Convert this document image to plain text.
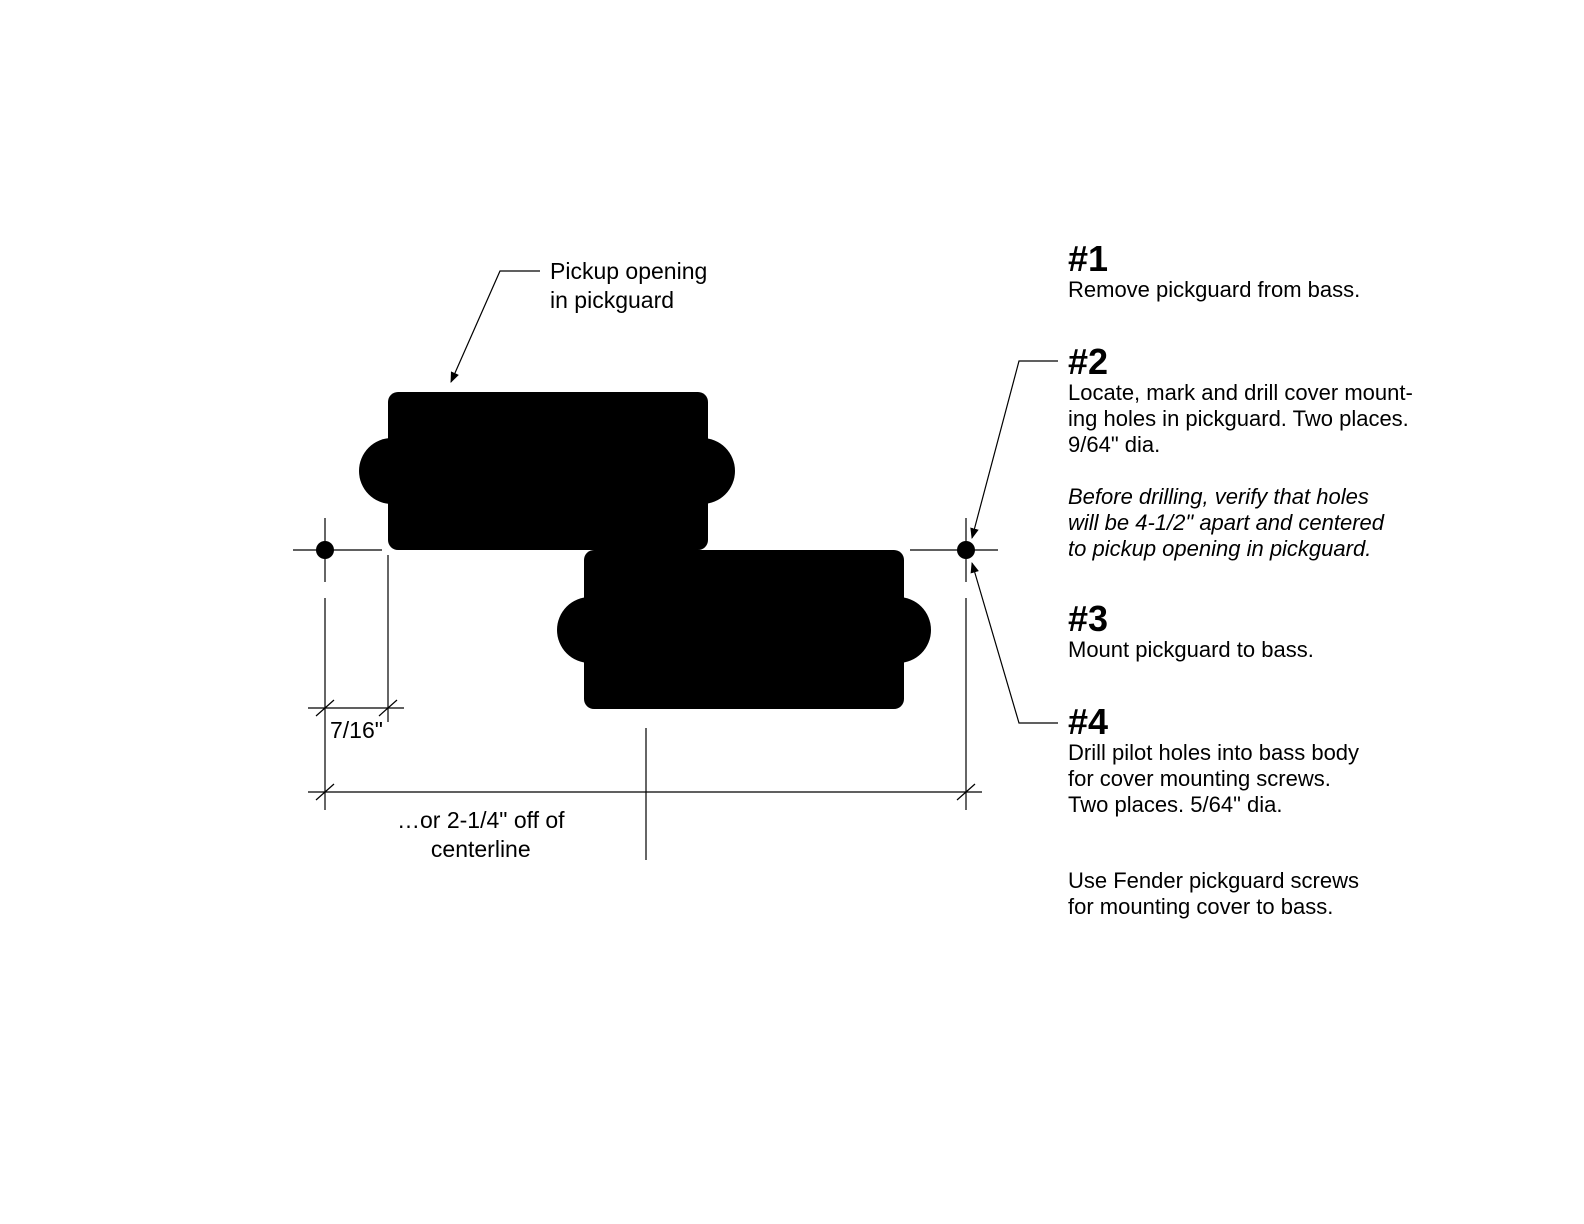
Pickup opening

in pickguard

7/16"

…or 2-1/4" off of

centerline

#1

Remove pickguard from bass.

#2

Locate, mark and drill cover mount-

ing holes in pickguard. Two places.

9/64" dia.

Before drilling, verify that holes

will be 4-1/2" apart and centered

to pickup opening in pickguard.

#3

Mount pickguard to bass.

#4

Drill pilot holes into bass body

for cover mounting screws.

Two places. 5/64" dia.

Use Fender pickguard screws

for mounting cover to bass.
